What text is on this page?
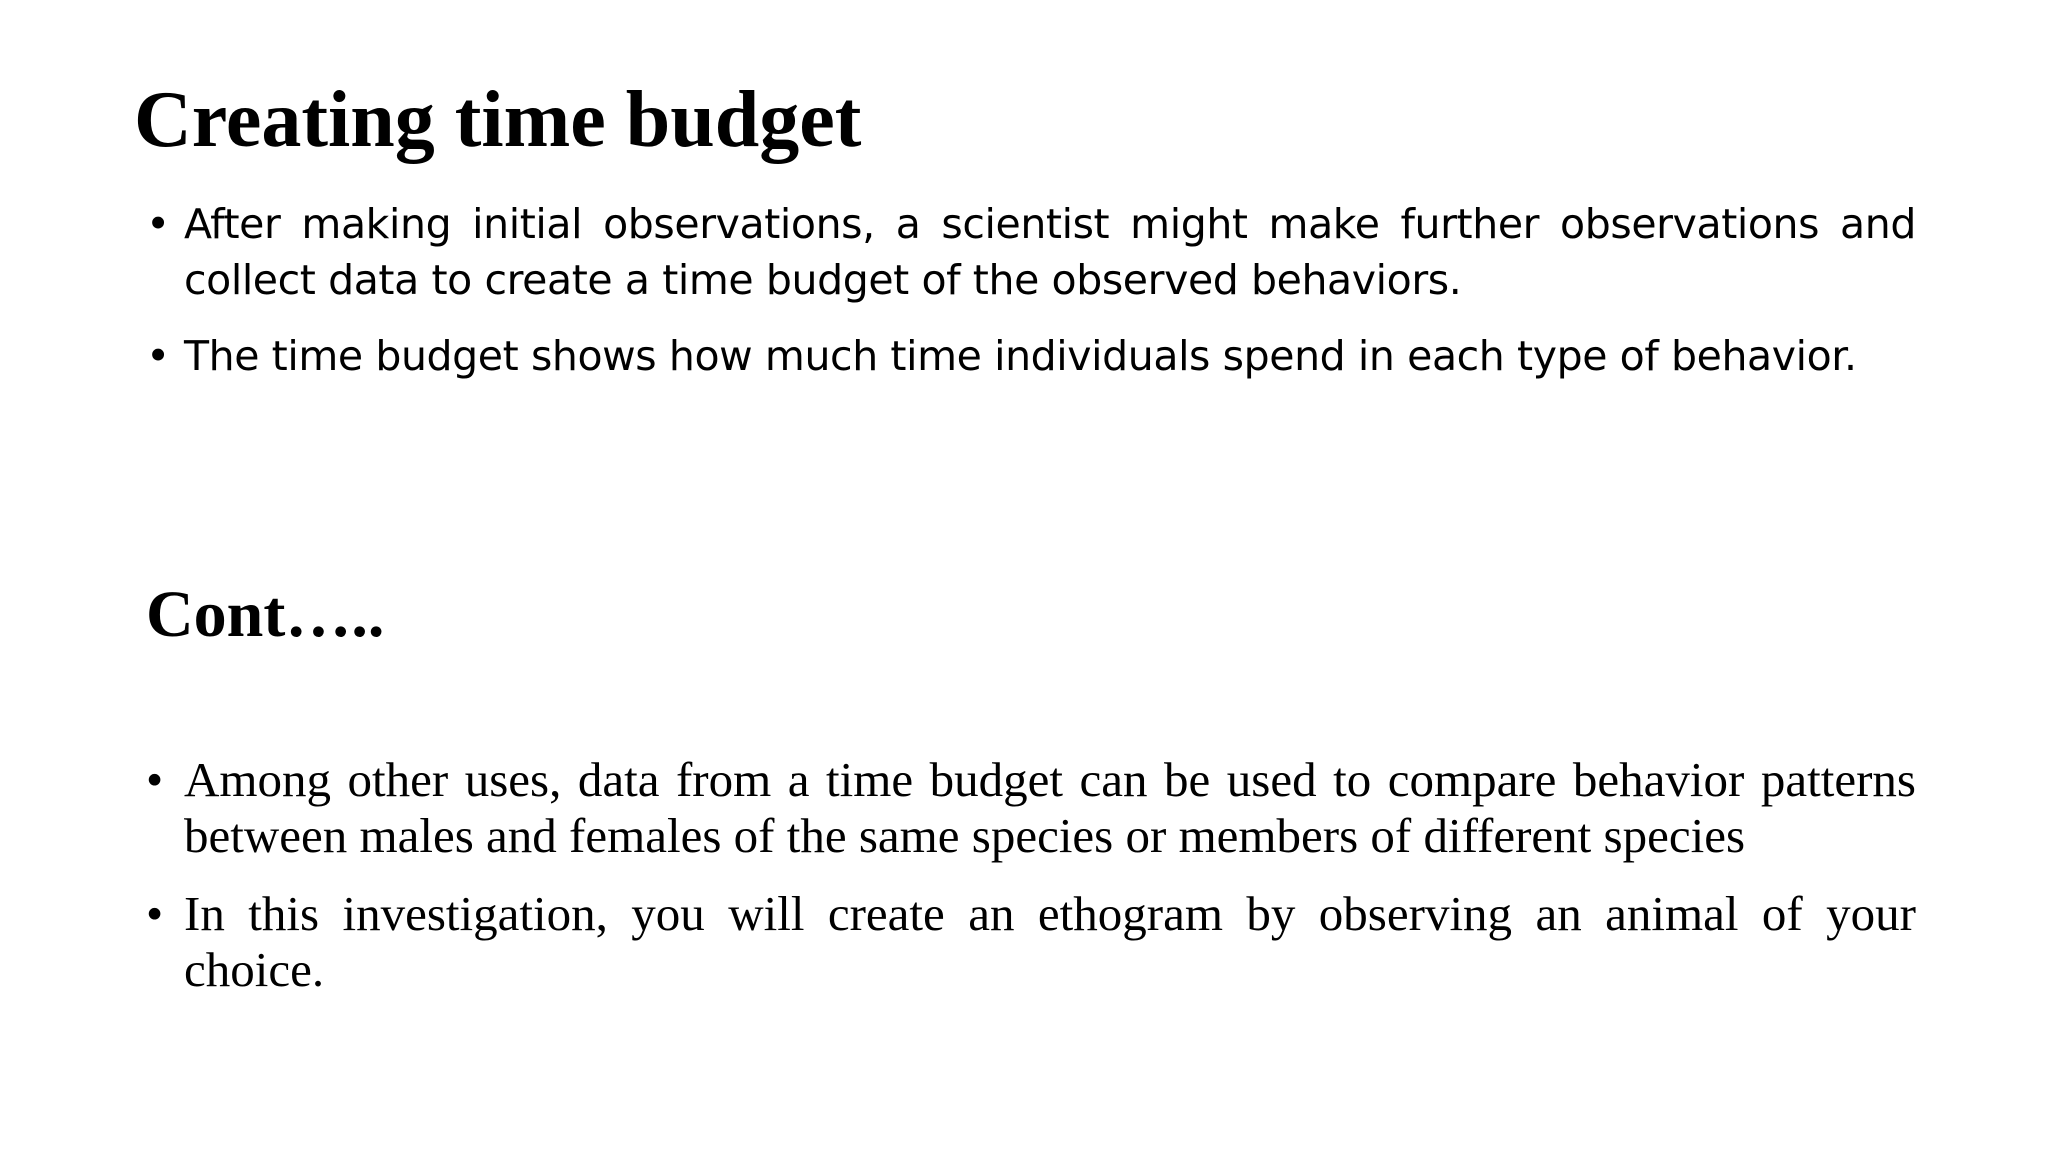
Creating time budget
• After making initial observations, a scientist might make further observations and collect data to create a time budget of the observed behaviors.
• The time budget shows how much time individuals spend in each type of behavior.
Cont…..
• Among other uses, data from a time budget can be used to compare behavior patterns between males and females of the same species or members of different species
• In this investigation, you will create an ethogram by observing an animal of your choice.
